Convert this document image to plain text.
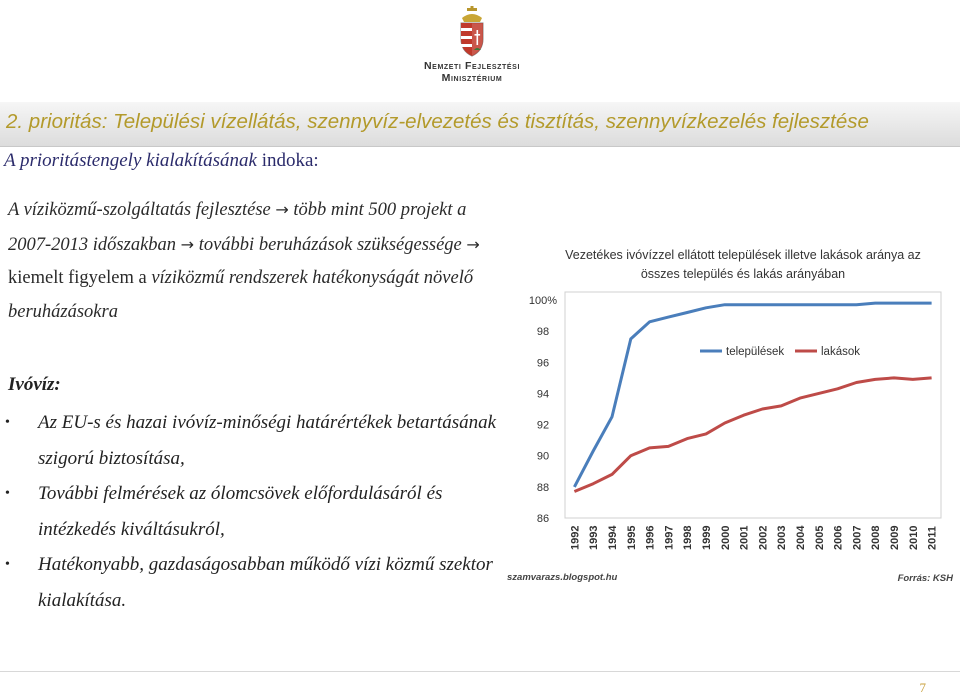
Nemzeti Fejlesztési
Minisztérium
2. prioritás: Települési vízellátás, szennyvíz-elvezetés és tisztítás, szennyvízkezelés fejlesztése
A prioritástengely kialakításának indoka:
A víziközmű-szolgáltatás fejlesztése → több mint 500 projekt a 2007-2013 időszakban → további beruházások szükségessége → kiemelt figyelem a víziközmű rendszerek hatékonyságát növelő beruházásokra
Ivóvíz:
• Az EU-s és hazai ivóvíz-minőségi határértékek betartásának szigorú biztosítása,
• További felmérések az ólomcsövek előfordulásáról és intézkedés kiváltásukról,
• Hatékonyabb, gazdaságosabban működő vízi közmű szektor kialakítása.
Vezetékes ivóvízzel ellátott települések illetve lakások aránya az
összes település és lakás arányában
100%
98
96
94
92
90
88
86
1992 1993 1994 1995 1996 1997 1998 1999 2000 2001 2002 2003 2004 2005 2006 2007 2008 2009 2010 2011
települések	lakások
szamvarazs.blogspot.hu	Forrás: KSH
7
